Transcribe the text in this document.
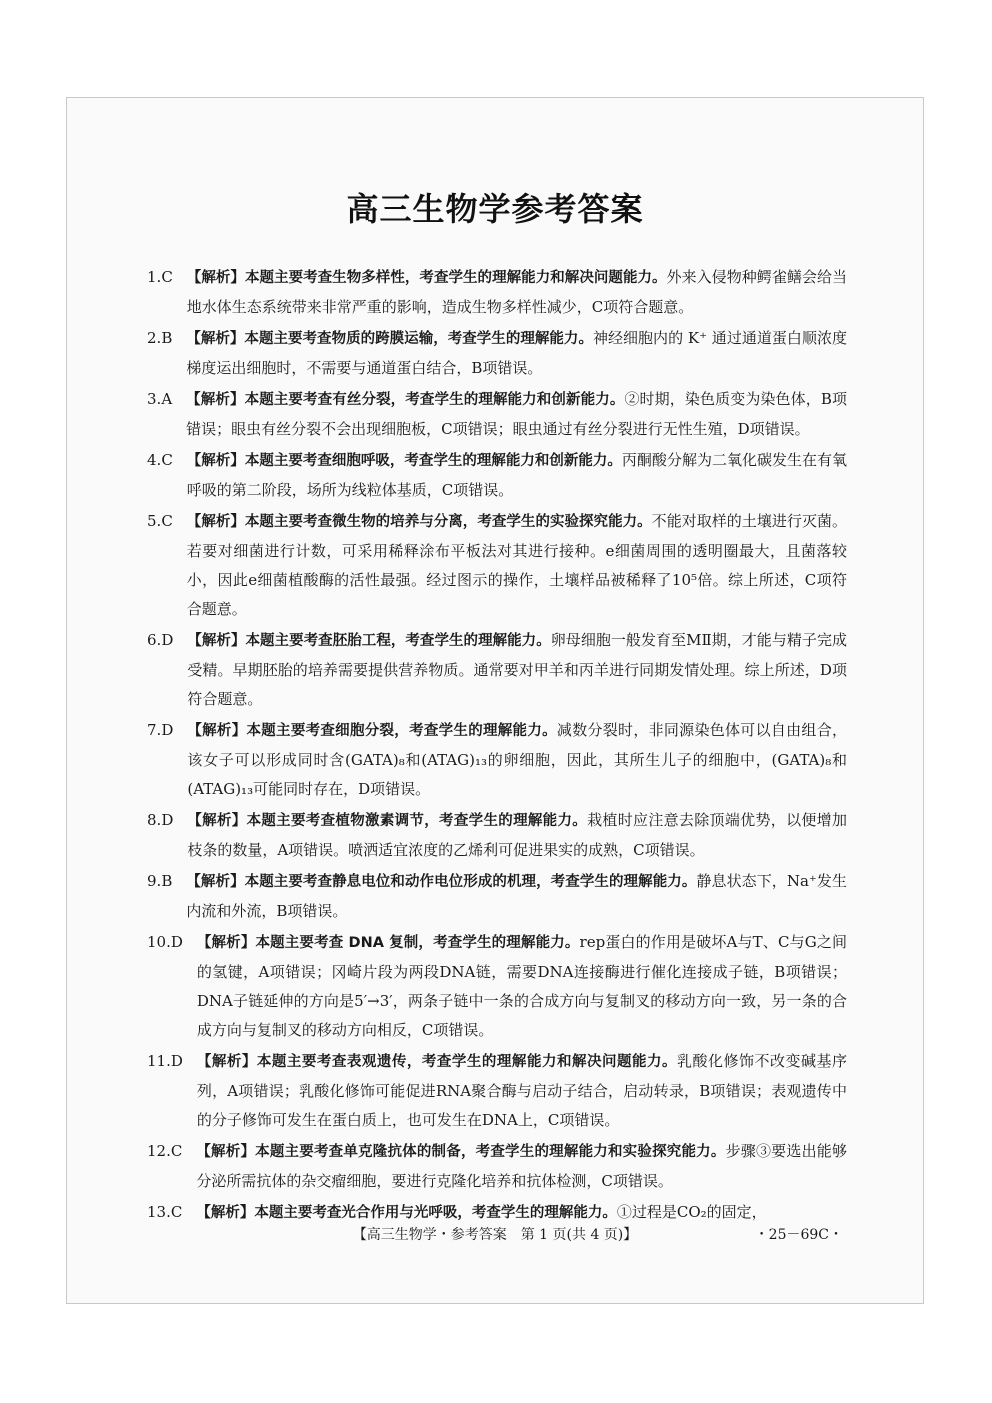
高三生物学参考答案
1. C 【解析】本题主要考查生物多样性，考查学生的理解能力和解决问题能力。外来入侵物种鳄雀鳝会给当地水体生态系统带来非常严重的影响，造成生物多样性减少，C项符合题意。
2. B 【解析】本题主要考查物质的跨膜运输，考查学生的理解能力。神经细胞内的 K⁺ 通过通道蛋白顺浓度梯度运出细胞时，不需要与通道蛋白结合，B项错误。
3. A 【解析】本题主要考查有丝分裂，考查学生的理解能力和创新能力。②时期，染色质变为染色体，B项错误；眼虫有丝分裂不会出现细胞板，C项错误；眼虫通过有丝分裂进行无性生殖，D项错误。
4. C 【解析】本题主要考查细胞呼吸，考查学生的理解能力和创新能力。丙酮酸分解为二氧化碳发生在有氧呼吸的第二阶段，场所为线粒体基质，C项错误。
5. C 【解析】本题主要考查微生物的培养与分离，考查学生的实验探究能力。不能对取样的土壤进行灭菌。若要对细菌进行计数，可采用稀释涂布平板法对其进行接种。e细菌周围的透明圈最大，且菌落较小，因此e细菌植酸酶的活性最强。经过图示的操作，土壤样品被稀释了10⁵倍。综上所述，C项符合题意。
6. D 【解析】本题主要考查胚胎工程，考查学生的理解能力。卵母细胞一般发育至MⅡ期，才能与精子完成受精。早期胚胎的培养需要提供营养物质。通常要对甲羊和丙羊进行同期发情处理。综上所述，D项符合题意。
7. D 【解析】本题主要考查细胞分裂，考查学生的理解能力。减数分裂时，非同源染色体可以自由组合，该女子可以形成同时含(GATA)₈和(ATAG)₁₃的卵细胞，因此，其所生儿子的细胞中，(GATA)₈和(ATAG)₁₃可能同时存在，D项错误。
8. D 【解析】本题主要考查植物激素调节，考查学生的理解能力。栽植时应注意去除顶端优势，以便增加枝条的数量，A项错误。喷洒适宜浓度的乙烯利可促进果实的成熟，C项错误。
9. B 【解析】本题主要考查静息电位和动作电位形成的机理，考查学生的理解能力。静息状态下，Na⁺发生内流和外流，B项错误。
10. D 【解析】本题主要考查 DNA 复制，考查学生的理解能力。rep蛋白的作用是破坏A与T、C与G之间的氢键，A项错误；冈崎片段为两段DNA链，需要DNA连接酶进行催化连接成子链，B项错误；DNA子链延伸的方向是5′→3′，两条子链中一条的合成方向与复制叉的移动方向一致，另一条的合成方向与复制叉的移动方向相反，C项错误。
11. D 【解析】本题主要考查表观遗传，考查学生的理解能力和解决问题能力。乳酸化修饰不改变碱基序列，A项错误；乳酸化修饰可能促进RNA聚合酶与启动子结合，启动转录，B项错误；表观遗传中的分子修饰可发生在蛋白质上，也可发生在DNA上，C项错误。
12. C 【解析】本题主要考查单克隆抗体的制备，考查学生的理解能力和实验探究能力。步骤③要选出能够分泌所需抗体的杂交瘤细胞，要进行克隆化培养和抗体检测，C项错误。
13. C 【解析】本题主要考查光合作用与光呼吸，考查学生的理解能力。①过程是CO₂的固定，
【高三生物学・参考答案　第 1 页(共 4 页)】	・25－69C・
